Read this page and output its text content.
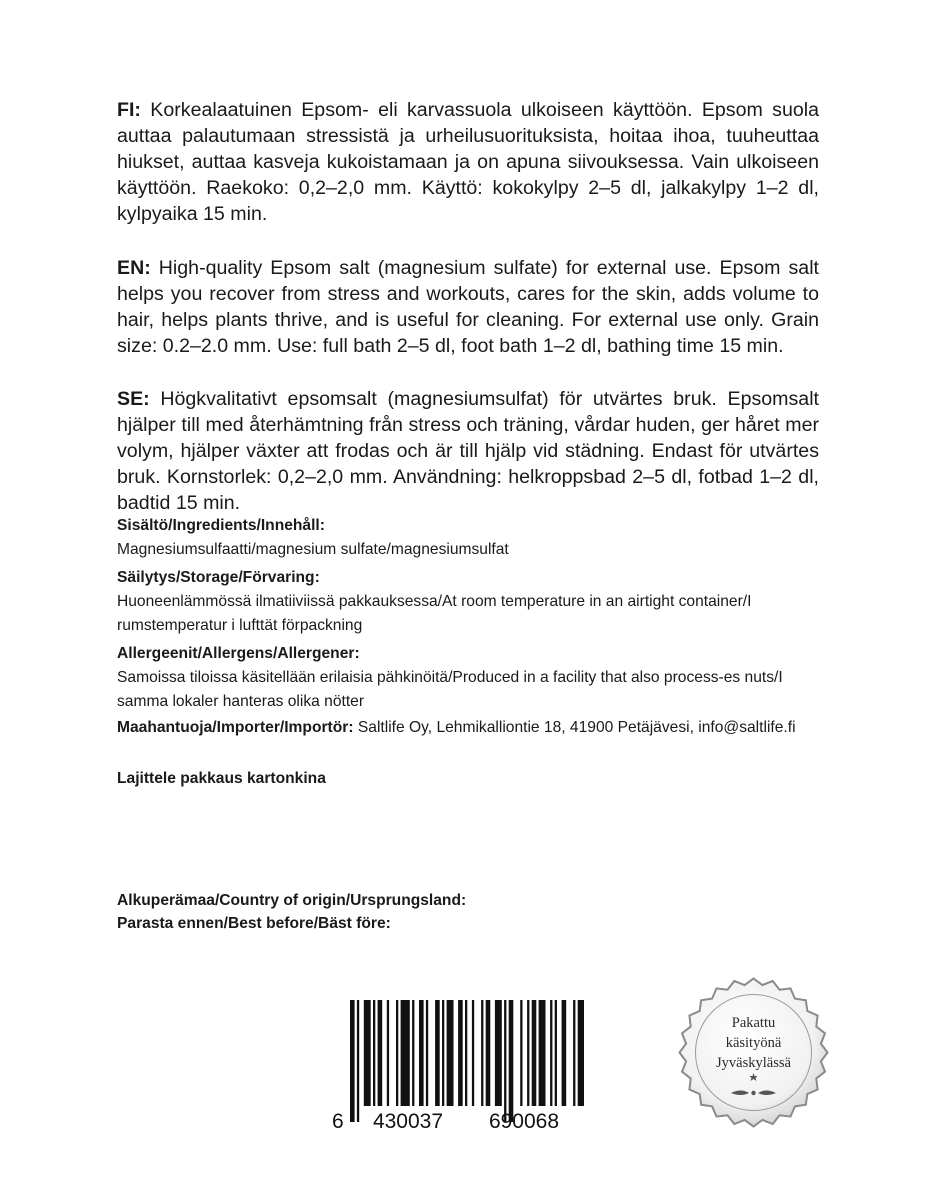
FI: Korkealaatuinen Epsom- eli karvassuola ulkoiseen käyttöön. Epsom suola auttaa palautumaan stressistä ja urheilusuorituksista, hoitaa ihoa, tuuheuttaa hiukset, auttaa kasveja kukoistamaan ja on apuna siivouksessa. Vain ulkoiseen käyttöön. Raekoko: 0,2–2,0 mm. Käyttö: kokokylpy 2–5 dl, jalkakylpy 1–2 dl, kylpyaika 15 min.

EN: High-quality Epsom salt (magnesium sulfate) for external use. Epsom salt helps you recover from stress and workouts, cares for the skin, adds volume to hair, helps plants thrive, and is useful for cleaning. For external use only. Grain size: 0.2–2.0 mm. Use: full bath 2–5 dl, foot bath 1–2 dl, bathing time 15 min.

SE: Högkvalitativt epsomsalt (magnesiumsulfat) för utvärtes bruk. Epsomsalt hjälper till med återhämtning från stress och träning, vårdar huden, ger håret mer volym, hjälper växter att frodas och är till hjälp vid städning. Endast för utvärtes bruk. Kornstorlek: 0,2–2,0 mm. Användning: helkroppsbad 2–5 dl, fotbad 1–2 dl, badtid 15 min.

Sisältö/Ingredients/Innehåll:
Magnesiumsulfaatti/magnesium sulfate/magnesiumsulfat
Säilytys/Storage/Förvaring:
Huoneenlämmössä ilmatiiviissä pakkauksessa/At room temperature in an airtight container/I rumstemperatur i lufttät förpackning
Allergeenit/Allergens/Allergener:
Samoissa tiloissa käsitellään erilaisia pähkinöitä/Produced in a facility that also process-es nuts/I samma lokaler hanteras olika nötter
Maahantuoja/Importer/Importör: Saltlife Oy, Lehmikalliontie 18, 41900 Petäjävesi, info@saltlife.fi
Lajittele pakkaus kartonkina
Alkuperämaa/Country of origin/Ursprungsland:
Parasta ennen/Best before/Bäst före:
6 430037 690068
Pakattu
käsityönä
Jyväskylässä
